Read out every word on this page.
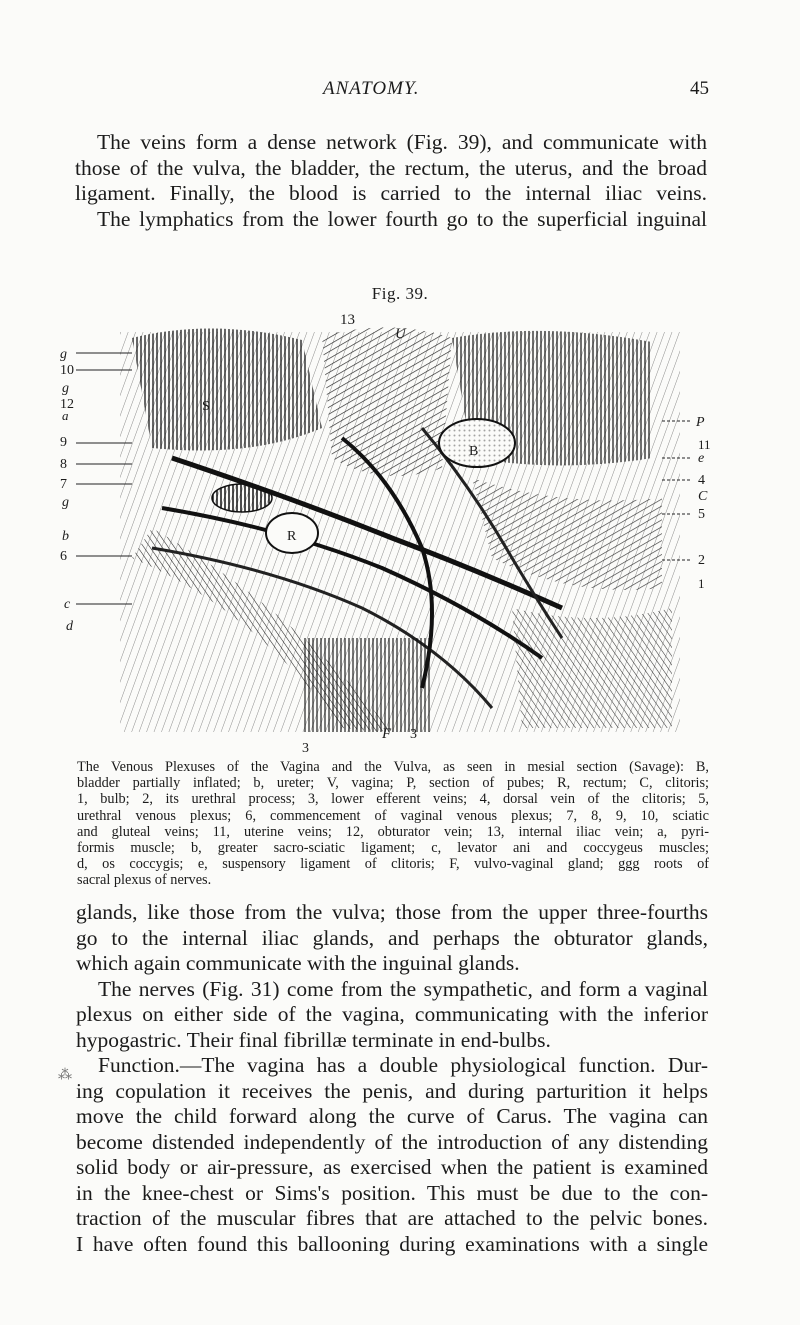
ANATOMY.	45
The veins form a dense network (Fig. 39), and communicate with
those of the vulva, the bladder, the rectum, the uterus, and the broad
ligament. Finally, the blood is carried to the internal iliac veins.
The lymphatics from the lower fourth go to the superficial inguinal
Fig. 39.
13
U
S
B
R
g
10
g
12
a
9
8
7
g
b
6
c
d
P
11
e
4
C
5
2
1
3
F 3
The Venous Plexuses of the Vagina and the Vulva, as seen in mesial section (Savage): B,
bladder partially inflated; b, ureter; V, vagina; P, section of pubes; R, rectum; C, clitoris;
1, bulb; 2, its urethral process; 3, lower efferent veins; 4, dorsal vein of the clitoris; 5,
urethral venous plexus; 6, commencement of vaginal venous plexus; 7, 8, 9, 10, sciatic
and gluteal veins; 11, uterine veins; 12, obturator vein; 13, internal iliac vein; a, pyri-
formis muscle; b, greater sacro-sciatic ligament; c, levator ani and coccygeus muscles;
d, os coccygis; e, suspensory ligament of clitoris; F, vulvo-vaginal gland; ggg roots of
sacral plexus of nerves.
glands, like those from the vulva; those from the upper three-fourths
go to the internal iliac glands, and perhaps the obturator glands,
which again communicate with the inguinal glands.
The nerves (Fig. 31) come from the sympathetic, and form a vaginal
plexus on either side of the vagina, communicating with the inferior
hypogastric. Their final fibrillæ terminate in end-bulbs.
Function.—The vagina has a double physiological function. Dur-
ing copulation it receives the penis, and during parturition it helps
move the child forward along the curve of Carus. The vagina can
become distended independently of the introduction of any distending
solid body or air-pressure, as exercised when the patient is examined
in the knee-chest or Sims's position. This must be due to the con-
traction of the muscular fibres that are attached to the pelvic bones.
I have often found this ballooning during examinations with a single
⁂
